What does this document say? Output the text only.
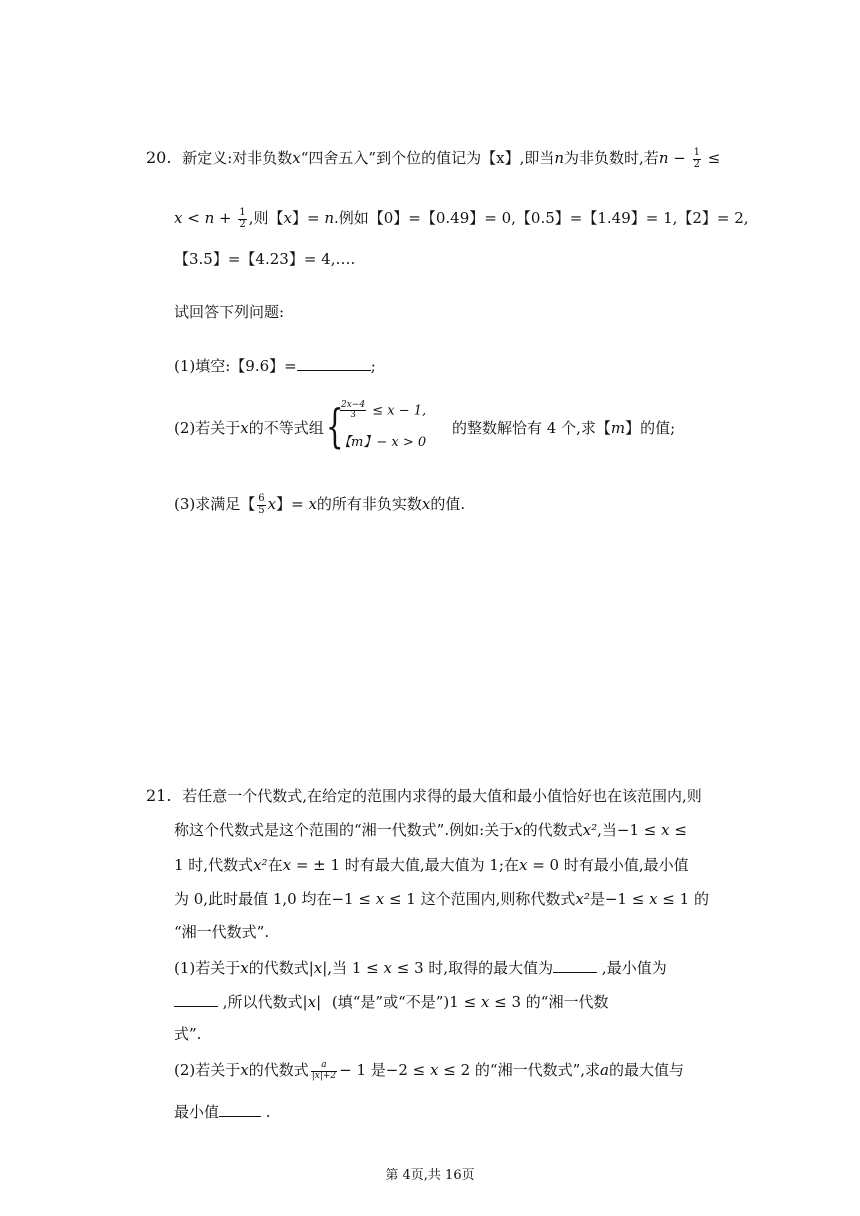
20. 新定义:对非负数x“四舍五入”到个位的值记为【x】,即当n为非负数时,若$n - \frac{1}{2}$ ≤
$x < n + \frac{1}{2}$ ,则【x】= n.例如【0】=【0.49】= 0,【0.5】=【1.49】= 1,【2】= 2,
【3.5】=【4.23】= 4,….
试回答下列问题:
(1)填空:【9.6】=	;
(2)若关于x的不等式组 {
$\frac{2x-4}{3} \le x - 1$,
【m】− x > 0
的整数解恰有 4 个,求【m】的值;
(3)求满足【 $\frac{6}{5}$ x】= x的所有非负实数x的值.
21. 若任意一个代数式,在给定的范围内求得的最大值和最小值恰好也在该范围内,则
称这个代数式是这个范围的“湘一代数式”.例如:关于x的代数式x²,当−1 ≤ x ≤
1 时,代数式x²在x = ± 1 时有最大值,最大值为 1;在x = 0 时有最小值,最小值
为 0,此时最值 1,0 均在−1 ≤ x ≤ 1 这个范围内,则称代数式x²是−1 ≤ x ≤ 1 的
“湘一代数式”.
(1)若关于x的代数式|x|,当 1 ≤ x ≤ 3 时,取得的最大值为	,最小值为
,所以代数式|x| (填“是”或“不是”)1 ≤ x ≤ 3 的“湘一代数
式”.
(2)若关于x的代数式 $\frac{a}{|x|+2} - 1$ 是−2 ≤ x ≤ 2 的“湘一代数式”,求a的最大值与
最小值	.
第 4页,共 16页
